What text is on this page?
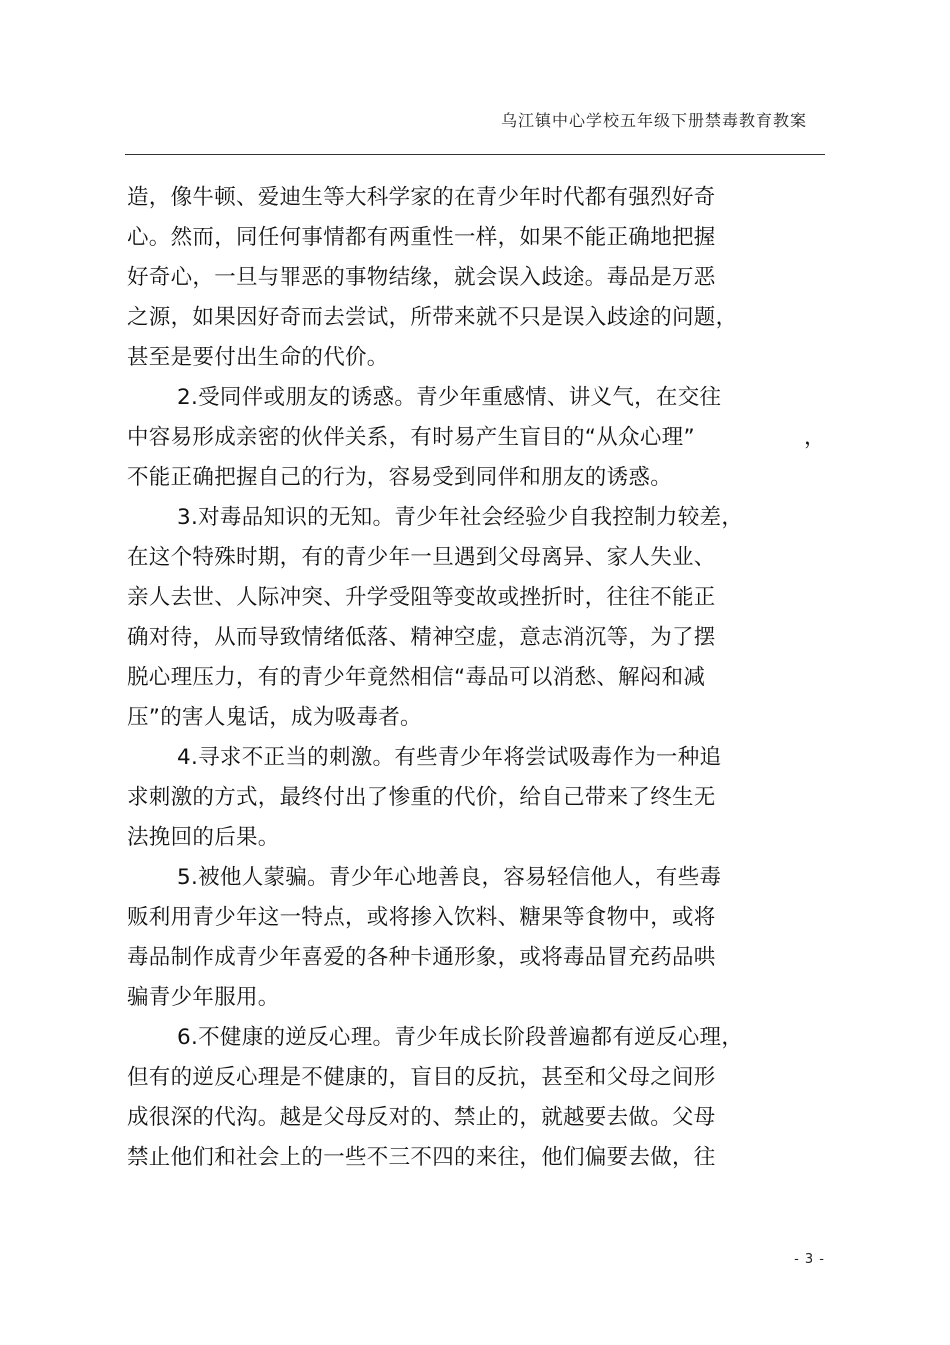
乌江镇中心学校五年级下册禁毒教育教案
造，像牛顿、爱迪生等大科学家的在青少年时代都有强烈好奇
心。然而，同任何事情都有两重性一样，如果不能正确地把握
好奇心，一旦与罪恶的事物结缘，就会误入歧途。毒品是万恶
之源，如果因好奇而去尝试，所带来就不只是误入歧途的问题，
甚至是要付出生命的代价。
2.受同伴或朋友的诱惑。青少年重感情、讲义气，在交往
中容易形成亲密的伙伴关系，有时易产生盲目的“从众心理”	，
不能正确把握自己的行为，容易受到同伴和朋友的诱惑。
3.对毒品知识的无知。青少年社会经验少自我控制力较差，
在这个特殊时期，有的青少年一旦遇到父母离异、家人失业、
亲人去世、人际冲突、升学受阻等变故或挫折时，往往不能正
确对待，从而导致情绪低落、精神空虚，意志消沉等，为了摆
脱心理压力，有的青少年竟然相信“毒品可以消愁、解闷和减
压”的害人鬼话，成为吸毒者。
4.寻求不正当的刺激。有些青少年将尝试吸毒作为一种追
求刺激的方式，最终付出了惨重的代价，给自己带来了终生无
法挽回的后果。
5.被他人蒙骗。青少年心地善良，容易轻信他人，有些毒
贩利用青少年这一特点，或将掺入饮料、糖果等食物中，或将
毒品制作成青少年喜爱的各种卡通形象，或将毒品冒充药品哄
骗青少年服用。
6.不健康的逆反心理。青少年成长阶段普遍都有逆反心理，
但有的逆反心理是不健康的，盲目的反抗，甚至和父母之间形
成很深的代沟。越是父母反对的、禁止的，就越要去做。父母
禁止他们和社会上的一些不三不四的来往，他们偏要去做，往
- 3 -
